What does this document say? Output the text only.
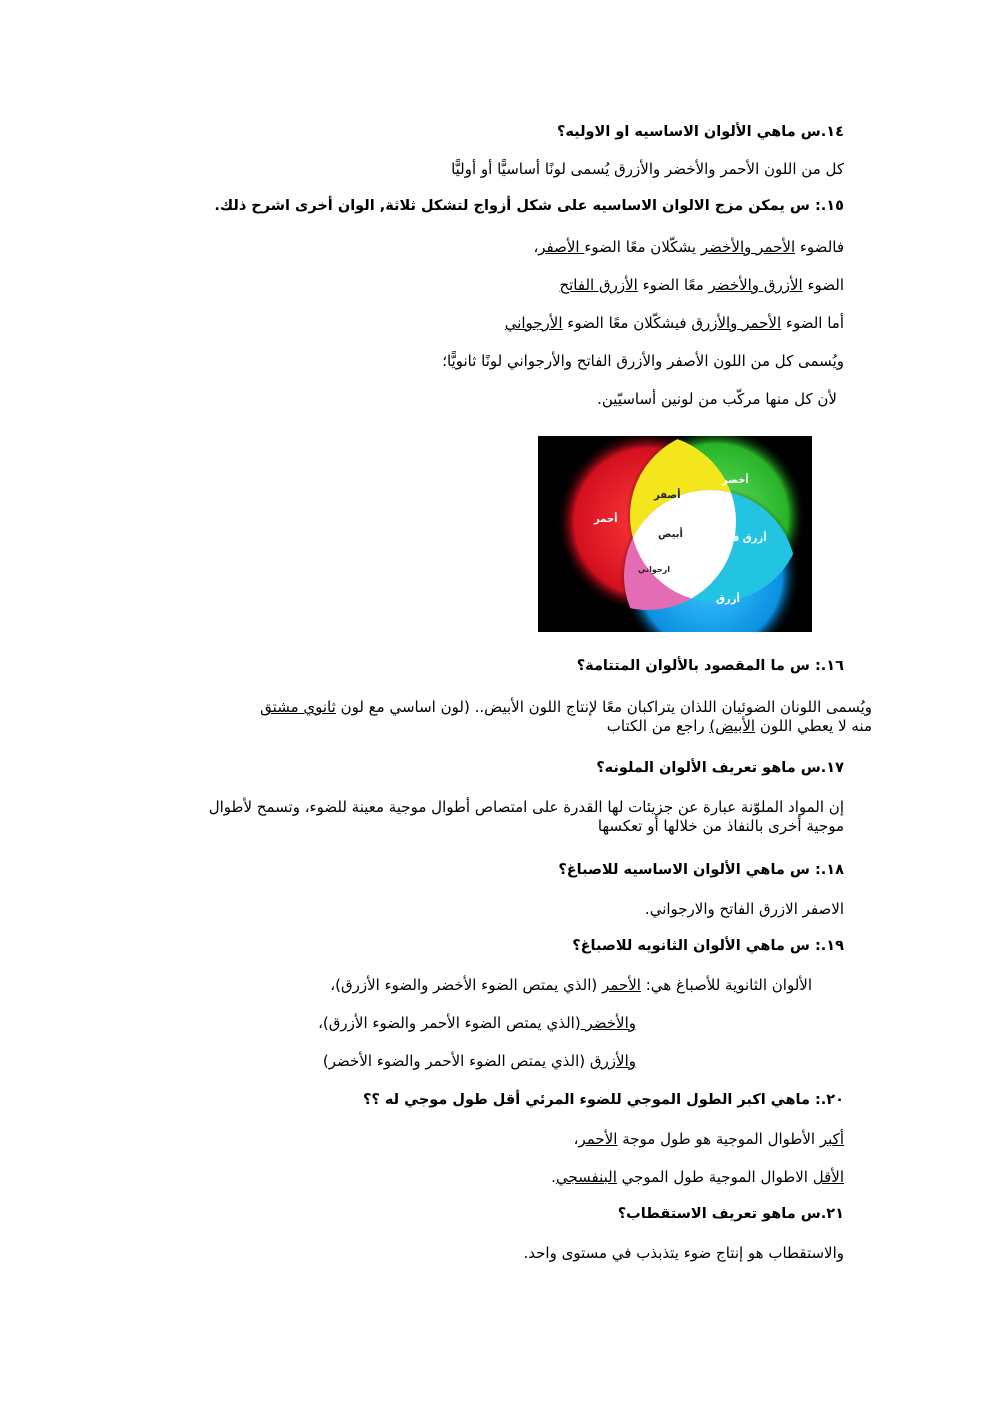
١٤.س ماهي الألوان الاساسيه او الاوليه؟
كل من اللون الأحمر والأخضر والأزرق يُسمى لونًا أساسيًّا أو أوليًّا
١٥.: س يمكن مزج الالوان الاساسيه على شكل أزواج لتشكل ثلاثة, الوان أخرى اشرح ذلك.
فالضوء الأحمر والأخضر يشكّلان معًا الضوء الأصفر،
الضوء الأزرق والأخضر معًا الضوء الأزرق الفاتح
أما الضوء الأحمر والأزرق فيشكّلان معًا الضوء الأرجواني
ويُسمى كل من اللون الأصفر والأزرق الفاتح والأرجواني لونًا ثانويًّا؛
لأن كل منها مركّب من لونين أساسيّين.
أحمر
أخضر
أزرق
أصفر
أزرق فاتح
ارجواني
أبيض
١٦.: س ما المقصود بالألوان المتتامة؟
ويُسمى اللونان الضوئيان اللذان يتراكبان معًا لإنتاج اللون الأبيض.. (لون اساسي مع لون ثانوي مشتق
منه لا يعطي اللون الأبيض) راجع من الكتاب
١٧.س ماهو تعريف الألوان الملونه؟
إن المواد الملوّنة عبارة عن جزيئات لها القدرة على امتصاص أطوال موجية معينة للضوء، وتسمح لأطوال
موجية أخرى بالنفاذ من خلالها أو تعكسها
١٨.: س ماهي الألوان الاساسيه للاصباغ؟
الاصفر الازرق الفاتح والارجواني.
١٩.: س ماهي الألوان الثانويه للاصباغ؟
الألوان الثانوية للأصباغ هي: الأحمر (الذي يمتص الضوء الأخضر والضوء الأزرق)،
والأخضر (الذي يمتص الضوء الأحمر والضوء الأزرق)،
والأزرق (الذي يمتص الضوء الأحمر والضوء الأخضر)
٢٠.: ماهي اكبر الطول الموجي للضوء المرئي أقل طول موجي له ؟؟
أكبر الأطوال الموجية هو طول موجة الأحمر،
الأقل الاطوال الموجية طول الموجي البنفسجي.
٢١.س ماهو تعريف الاستقطاب؟
والاستقطاب هو إنتاج ضوء يتذبذب في مستوى واحد.
